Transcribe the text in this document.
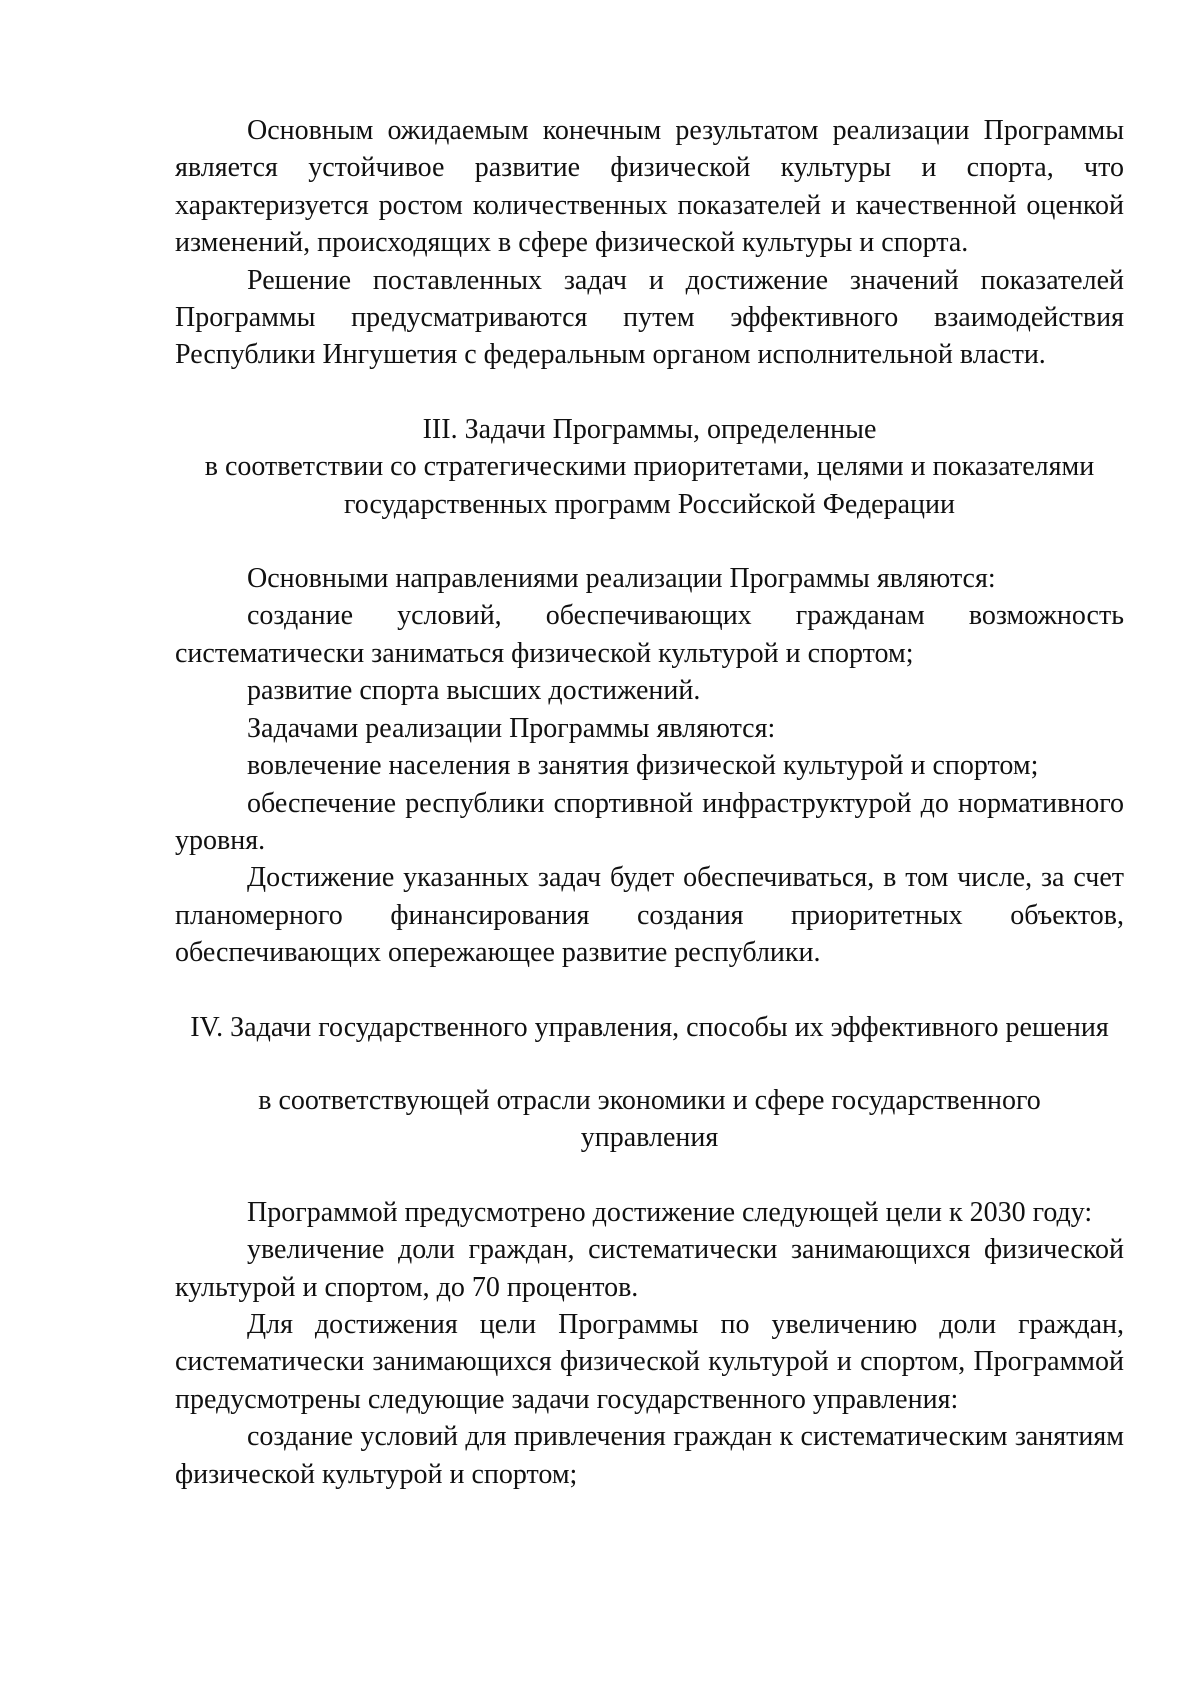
Основным ожидаемым конечным результатом реализации Программы является устойчивое развитие физической культуры и спорта, что характеризуется ростом количественных показателей и качественной оценкой изменений, происходящих в сфере физической культуры и спорта.

Решение поставленных задач и достижение значений показателей Программы предусматриваются путем эффективного взаимодействия Республики Ингушетия с федеральным органом исполнительной власти.

III. Задачи Программы, определенные
в соответствии со стратегическими приоритетами, целями и показателями
государственных программ Российской Федерации

Основными направлениями реализации Программы являются:

создание условий, обеспечивающих гражданам возможность систематически заниматься физической культурой и спортом;

развитие спорта высших достижений.

Задачами реализации Программы являются:

вовлечение населения в занятия физической культурой и спортом;

обеспечение республики спортивной инфраструктурой до нормативного уровня.

Достижение указанных задач будет обеспечиваться, в том числе, за счет планомерного финансирования создания приоритетных объектов, обеспечивающих опережающее развитие республики.

IV. Задачи государственного управления, способы их эффективного решения
в соответствующей отрасли экономики и сфере государственного
управления

Программой предусмотрено достижение следующей цели к 2030 году:

увеличение доли граждан, систематически занимающихся физической культурой и спортом, до 70 процентов.

Для достижения цели Программы по увеличению доли граждан, систематически занимающихся физической культурой и спортом, Программой предусмотрены следующие задачи государственного управления:

создание условий для привлечения граждан к систематическим занятиям физической культурой и спортом;
